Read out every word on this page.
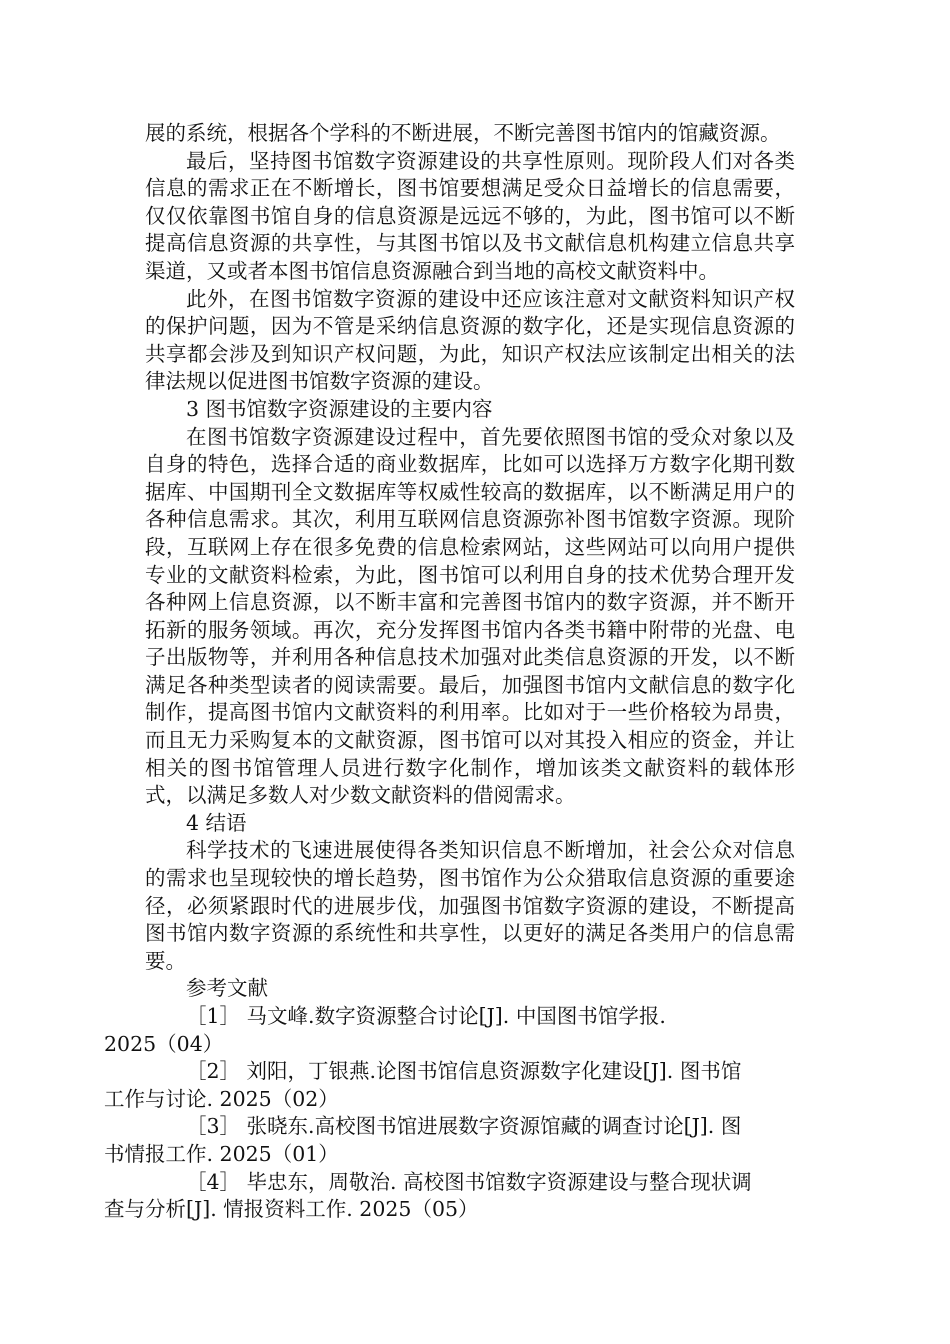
展的系统，根据各个学科的不断进展，不断完善图书馆内的馆藏资源。

最后，坚持图书馆数字资源建设的共享性原则。现阶段人们对各类信息的需求正在不断增长，图书馆要想满足受众日益增长的信息需要，仅仅依靠图书馆自身的信息资源是远远不够的，为此，图书馆可以不断提高信息资源的共享性，与其图书馆以及书文献信息机构建立信息共享渠道，又或者本图书馆信息资源融合到当地的高校文献资料中。

此外，在图书馆数字资源的建设中还应该注意对文献资料知识产权的保护问题，因为不管是采纳信息资源的数字化，还是实现信息资源的共享都会涉及到知识产权问题，为此，知识产权法应该制定出相关的法律法规以促进图书馆数字资源的建设。

3 图书馆数字资源建设的主要内容

在图书馆数字资源建设过程中，首先要依照图书馆的受众对象以及自身的特色，选择合适的商业数据库，比如可以选择万方数字化期刊数据库、中国期刊全文数据库等权威性较高的数据库，以不断满足用户的各种信息需求。其次，利用互联网信息资源弥补图书馆数字资源。现阶段，互联网上存在很多免费的信息检索网站，这些网站可以向用户提供专业的文献资料检索，为此，图书馆可以利用自身的技术优势合理开发各种网上信息资源，以不断丰富和完善图书馆内的数字资源，并不断开拓新的服务领域。再次，充分发挥图书馆内各类书籍中附带的光盘、电子出版物等，并利用各种信息技术加强对此类信息资源的开发，以不断满足各种类型读者的阅读需要。最后，加强图书馆内文献信息的数字化制作，提高图书馆内文献资料的利用率。比如对于一些价格较为昂贵，而且无力采购复本的文献资源，图书馆可以对其投入相应的资金，并让相关的图书馆管理人员进行数字化制作，增加该类文献资料的载体形式，以满足多数人对少数文献资料的借阅需求。

4 结语

科学技术的飞速进展使得各类知识信息不断增加，社会公众对信息的需求也呈现较快的增长趋势，图书馆作为公众猎取信息资源的重要途径，必须紧跟时代的进展步伐，加强图书馆数字资源的建设，不断提高图书馆内数字资源的系统性和共享性，以更好的满足各类用户的信息需要。

参考文献

［1］ 马文峰.数字资源整合讨论[J]. 中国图书馆学报.
2025（04）

［2］ 刘阳，丁银燕.论图书馆信息资源数字化建设[J]. 图书馆
工作与讨论. 2025（02）

［3］ 张晓东.高校图书馆进展数字资源馆藏的调查讨论[J]. 图
书情报工作. 2025（01）

［4］ 毕忠东，周敬治. 高校图书馆数字资源建设与整合现状调
查与分析[J]. 情报资料工作. 2025（05）
